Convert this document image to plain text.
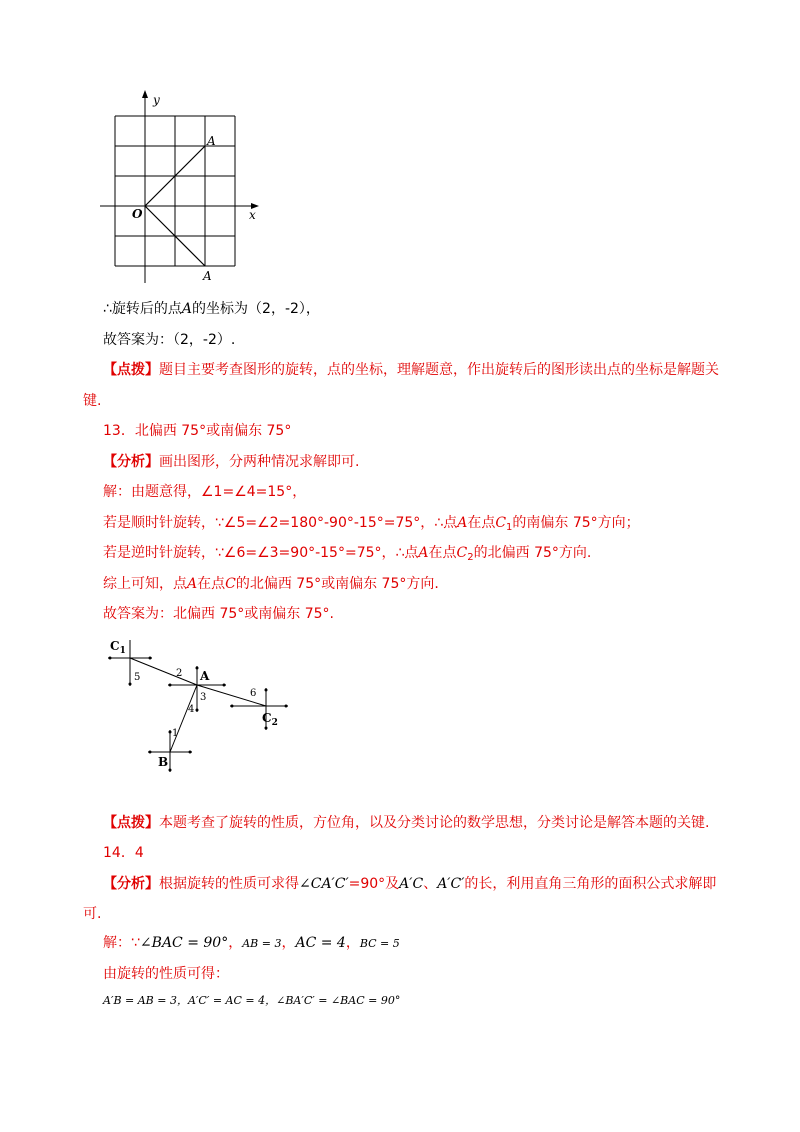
y
x
O
A
A
∴旋转后的点A的坐标为（2，-2），
故答案为：（2，-2）.
【点拨】题目主要考查图形的旋转，点的坐标，理解题意，作出旋转后的图形读出点的坐标是解题关
键.
13．北偏西 75°或南偏东 75°
【分析】画出图形，分两种情况求解即可.
解：由题意得，∠1=∠4=15°，
若是顺时针旋转，∵∠5=∠2=180°-90°-15°=75°，∴点A在点$C_1$的南偏东 75°方向；
若是逆时针旋转，∵∠6=∠3=90°-15°=75°，∴点A在点$C_2$的北偏西 75°方向.
综上可知，点A在点C的北偏西 75°或南偏东 75°方向.
故答案为：北偏西 75°或南偏东 75°.
$C_1$
A
$C_2$
B
1
2
3
4
5
6
【点拨】本题考查了旋转的性质，方位角，以及分类讨论的数学思想，分类讨论是解答本题的关键.
14．4
【分析】根据旋转的性质可求得∠CA′C′=90°及A′C、A′C′的长，利用直角三角形的面积公式求解即
可.
解：∵∠BAC = 90°，AB = 3，AC = 4，BC = 5
由旋转的性质可得：
A′B = AB = 3，A′C′ = AC = 4，∠BA′C′ = ∠BAC = 90°
